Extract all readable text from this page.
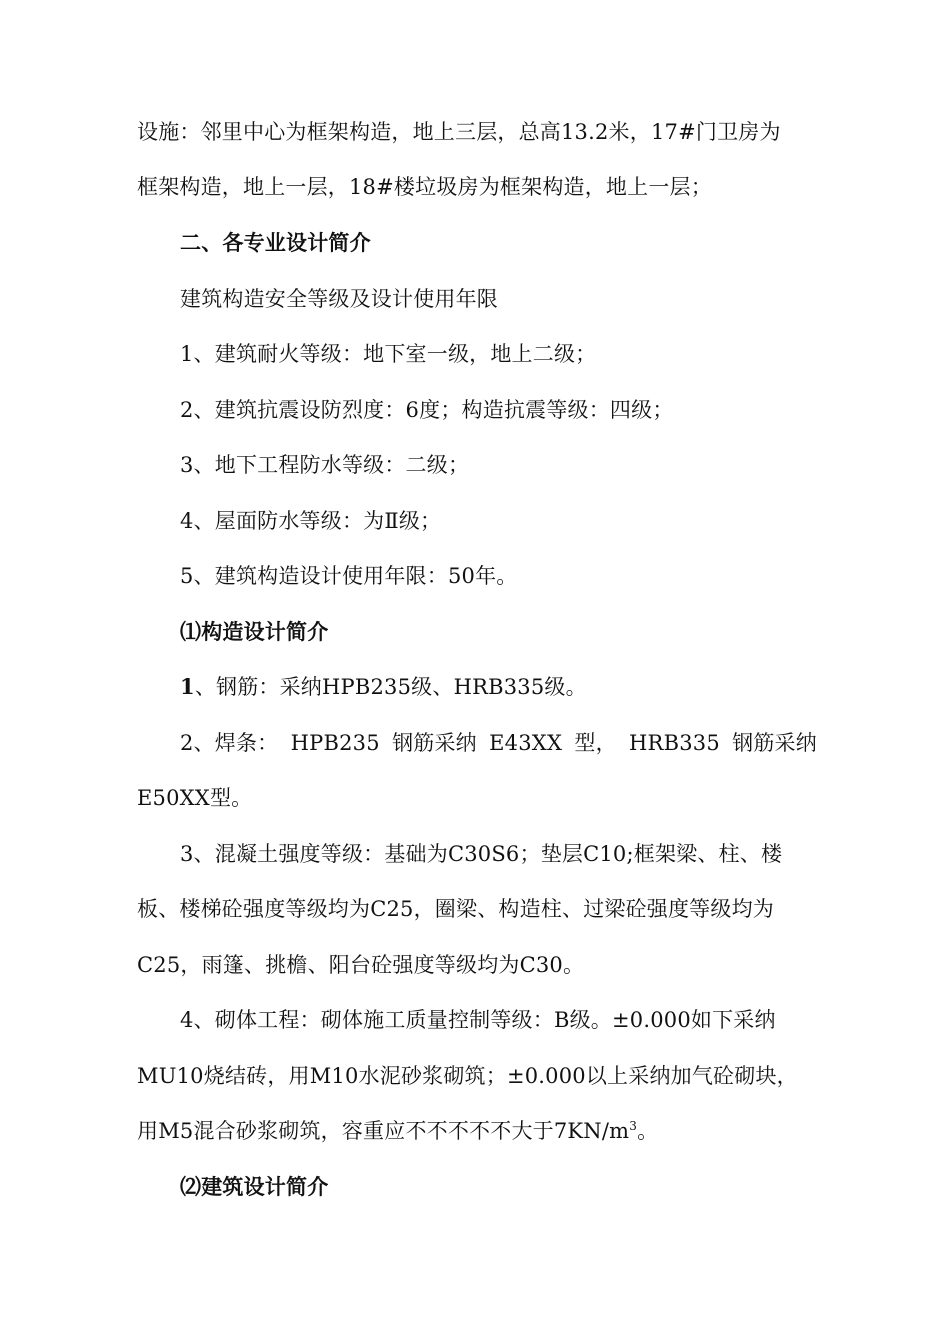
设施：邻里中心为框架构造，地上三层，总高13.2米，17#门卫房为
框架构造，地上一层，18#楼垃圾房为框架构造，地上一层；
二、各专业设计简介
建筑构造安全等级及设计使用年限
1、建筑耐火等级：地下室一级，地上二级；
2、建筑抗震设防烈度：6度；构造抗震等级：四级；
3、地下工程防水等级：二级；
4、屋面防水等级：为Ⅱ级；
5、建筑构造设计使用年限：50年。
⑴构造设计简介
1、钢筋：采纳HPB235级、HRB335级。
2、焊条： HPB235 钢筋采纳 E43XX 型， HRB335 钢筋采纳
E50XX型。
3、混凝土强度等级：基础为C30S6；垫层C10;框架梁、柱、楼
板、楼梯砼强度等级均为C25，圈梁、构造柱、过梁砼强度等级均为
C25，雨篷、挑檐、阳台砼强度等级均为C30。
4、砌体工程：砌体施工质量控制等级：B级。±0.000如下采纳
MU10烧结砖，用M10水泥砂浆砌筑；±0.000以上采纳加气砼砌块，
用M5混合砂浆砌筑，容重应不不不不不大于$7KN/m^3$。
⑵建筑设计简介
